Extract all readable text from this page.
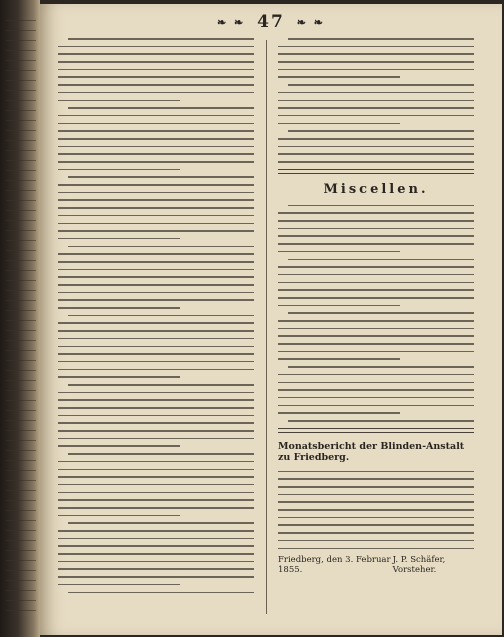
❧ ❧ 47 ❧ ❧
Miscellen.
Monatsbericht der Blinden-Anstalt zu Friedberg.
Friedberg, den 3. Februar 1855.
J. P. Schäfer, Vorsteher.
